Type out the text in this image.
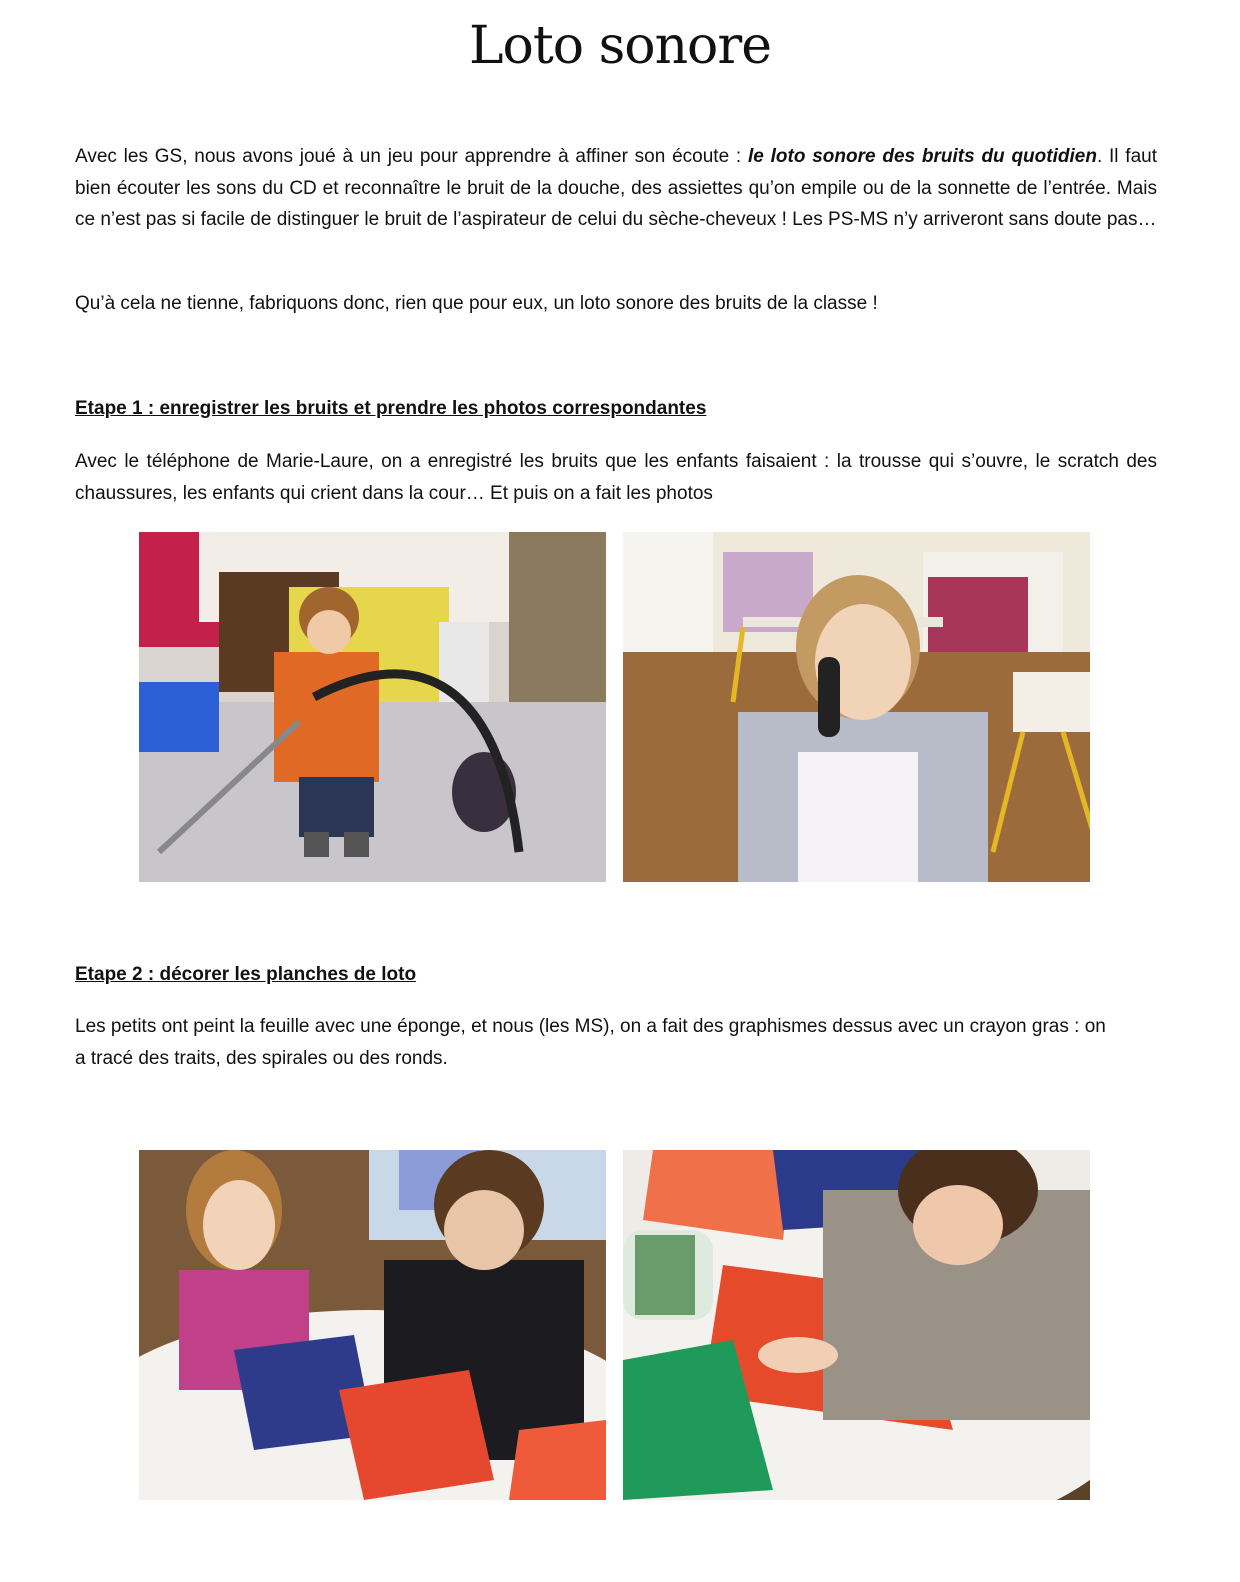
Loto sonore

Avec les GS, nous avons joué à un jeu pour apprendre à affiner son écoute : le loto sonore des bruits du quotidien. Il faut bien écouter les sons du CD et reconnaître le bruit de la douche, des assiettes qu’on empile ou de la sonnette de l’entrée. Mais ce n’est pas si facile de distinguer le bruit de l’aspirateur de celui du sèche-cheveux ! Les PS-MS n’y arriveront sans doute pas…

Qu’à cela ne tienne, fabriquons donc, rien que pour eux, un loto sonore des bruits de la classe !

Etape 1 : enregistrer les bruits et prendre les photos correspondantes

Avec le téléphone de Marie-Laure, on a enregistré les bruits que les enfants faisaient : la trousse qui s’ouvre, le scratch des chaussures, les enfants qui crient dans la cour… Et puis on a fait les photos

Etape 2 : décorer les planches de loto

Les petits ont peint la feuille avec une éponge, et nous (les MS), on a fait des graphismes dessus avec un crayon gras : on a tracé des traits, des spirales ou des ronds.
